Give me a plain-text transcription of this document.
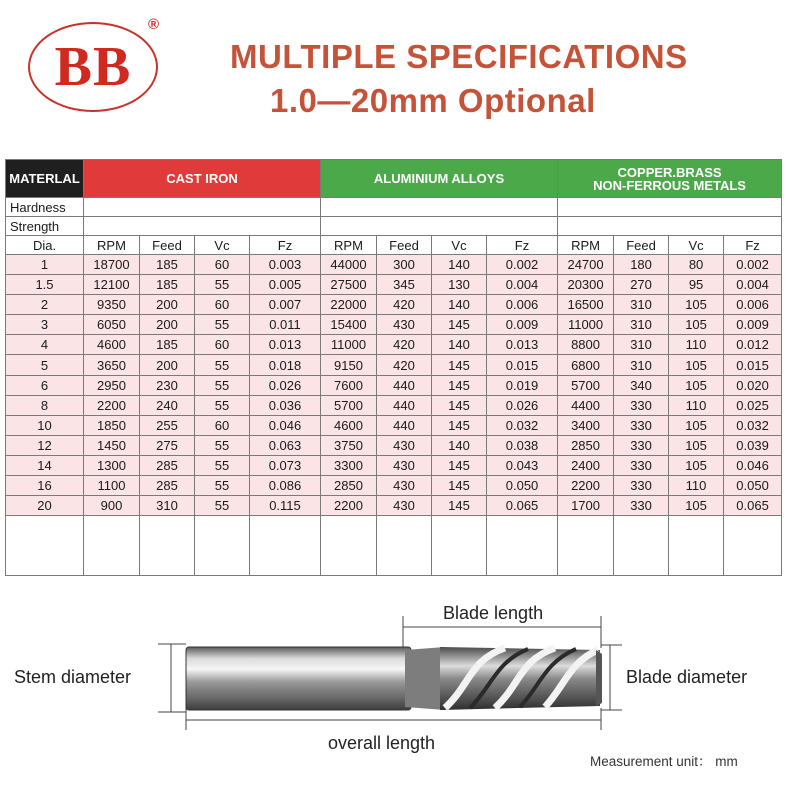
BB
®
MULTIPLE SPECIFICATIONS
1.0—20mm Optional
MATERLAL	CAST IRON				ALUMINIUM ALLOYS				COPPER.BRASS
NON-FERROUS METALS			
Hardness												
Strength												
Dia.	RPM	Feed	Vc	Fz	RPM	Feed	Vc	Fz	RPM	Feed	Vc	Fz
1	18700	185	60	0.003	44000	300	140	0.002	24700	180	80	0.002
1.5	12100	185	55	0.005	27500	345	130	0.004	20300	270	95	0.004
2	9350	200	60	0.007	22000	420	140	0.006	16500	310	105	0.006
3	6050	200	55	0.011	15400	430	145	0.009	11000	310	105	0.009
4	4600	185	60	0.013	11000	420	140	0.013	8800	310	110	0.012
5	3650	200	55	0.018	9150	420	145	0.015	6800	310	105	0.015
6	2950	230	55	0.026	7600	440	145	0.019	5700	340	105	0.020
8	2200	240	55	0.036	5700	440	145	0.026	4400	330	110	0.025
10	1850	255	60	0.046	4600	440	145	0.032	3400	330	105	0.032
12	1450	275	55	0.063	3750	430	140	0.038	2850	330	105	0.039
14	1300	285	55	0.073	3300	430	145	0.043	2400	330	105	0.046
16	1100	285	55	0.086	2850	430	145	0.050	2200	330	110	0.050
20	900	310	55	0.115	2200	430	145	0.065	1700	330	105	0.065

Blade length
Stem diameter	Blade diameter
overall length
Measurement unit： mm
